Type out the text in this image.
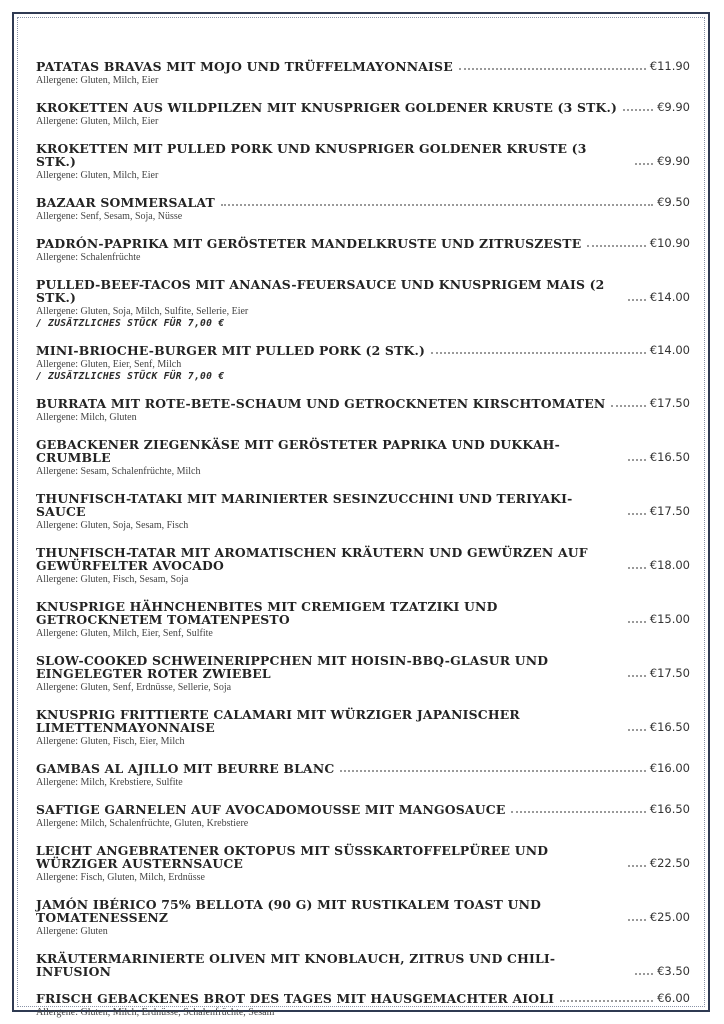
PATATAS BRAVAS MIT MOJO UND TRÜFFELMAYONNAISE	€11.90
Allergene: Gluten, Milch, Eier
KROKETTEN AUS WILDPILZEN MIT KNUSPRIGER GOLDENER KRUSTE (3 STK.)	€9.90
Allergene: Gluten, Milch, Eier
KROKETTEN MIT PULLED PORK UND KNUSPRIGER GOLDENER KRUSTE (3 STK.)	€9.90
Allergene: Gluten, Milch, Eier
BAZAAR SOMMERSALAT	€9.50
Allergene: Senf, Sesam, Soja, Nüsse
PADRÓN-PAPRIKA MIT GERÖSTETER MANDELKRUSTE UND ZITRUSZESTE	€10.90
Allergene: Schalenfrüchte
PULLED-BEEF-TACOS MIT ANANAS-FEUERSAUCE UND KNUSPRIGEM MAIS (2 STK.)	€14.00
Allergene: Gluten, Soja, Milch, Sulfite, Sellerie, Eier
/ ZUSÄTZLICHES STÜCK FÜR 7,00 €
MINI-BRIOCHE-BURGER MIT PULLED PORK (2 STK.)	€14.00
Allergene: Gluten, Eier, Senf, Milch
/ ZUSÄTZLICHES STÜCK FÜR 7,00 €
BURRATA MIT ROTE-BETE-SCHAUM UND GETROCKNETEN KIRSCHTOMATEN	€17.50
Allergene: Milch, Gluten
GEBACKENER ZIEGENKÄSE MIT GERÖSTETER PAPRIKA UND DUKKAH-CRUMBLE	€16.50
Allergene: Sesam, Schalenfrüchte, Milch
THUNFISCH-TATAKI MIT MARINIERTER SESINZUCCHINI UND TERIYAKI-SAUCE	€17.50
Allergene: Gluten, Soja, Sesam, Fisch
THUNFISCH-TATAR MIT AROMATISCHEN KRÄUTERN UND GEWÜRZEN AUF GEWÜRFELTER AVOCADO	€18.00
Allergene: Gluten, Fisch, Sesam, Soja
KNUSPRIGE HÄHNCHENBITES MIT CREMIGEM TZATZIKI UND GETROCKNETEM TOMATENPESTO	€15.00
Allergene: Gluten, Milch, Eier, Senf, Sulfite
SLOW-COOKED SCHWEINERIPPCHEN MIT HOISIN-BBQ-GLASUR UND EINGELEGTER ROTER ZWIEBEL	€17.50
Allergene: Gluten, Senf, Erdnüsse, Sellerie, Soja
KNUSPRIG FRITTIERTE CALAMARI MIT WÜRZIGER JAPANISCHER LIMETTENMAYONNAISE	€16.50
Allergene: Gluten, Fisch, Eier, Milch
GAMBAS AL AJILLO MIT BEURRE BLANC	€16.00
Allergene: Milch, Krebstiere, Sulfite
SAFTIGE GARNELEN AUF AVOCADOMOUSSE MIT MANGOSAUCE	€16.50
Allergene: Milch, Schalenfrüchte, Gluten, Krebstiere
LEICHT ANGEBRATENER OKTOPUS MIT SÜSSKARTOFFELPÜREE UND WÜRZIGER AUSTERNSAUCE	€22.50
Allergene: Fisch, Gluten, Milch, Erdnüsse
JAMÓN IBÉRICO 75% BELLOTA (90 G) MIT RUSTIKALEM TOAST UND TOMATENESSENZ	€25.00
Allergene: Gluten
KRÄUTERMARINIERTE OLIVEN MIT KNOBLAUCH, ZITRUS UND CHILI-INFUSION	€3.50
FRISCH GEBACKENES BROT DES TAGES MIT HAUSGEMACHTER AIOLI	€6.00
Allergene: Gluten, Milch, Erdnüsse, Schalenfrüchte, Sesam
